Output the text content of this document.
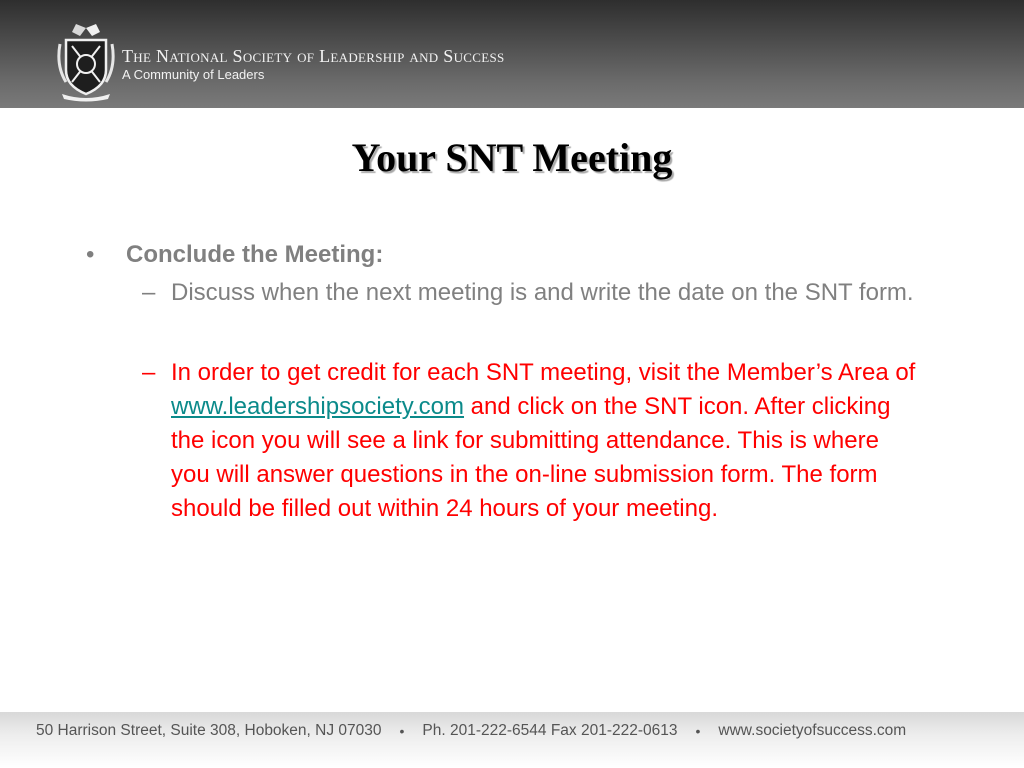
The National Society of Leadership and Success
A Community of Leaders
Your SNT Meeting
•	Conclude the Meeting:
– Discuss when the next meeting is and write the date on the SNT form.
– In order to get credit for each SNT meeting, visit the Member’s Area of www.leadershipsociety.com and click on the SNT icon. After clicking the icon you will see a link for submitting attendance. This is where you will answer questions in the on-line submission form. The form should be filled out within 24 hours of your meeting.
50 Harrison Street, Suite 308, Hoboken, NJ 07030 • Ph. 201-222-6544 Fax 201-222-0613 • www.societyofsuccess.com
